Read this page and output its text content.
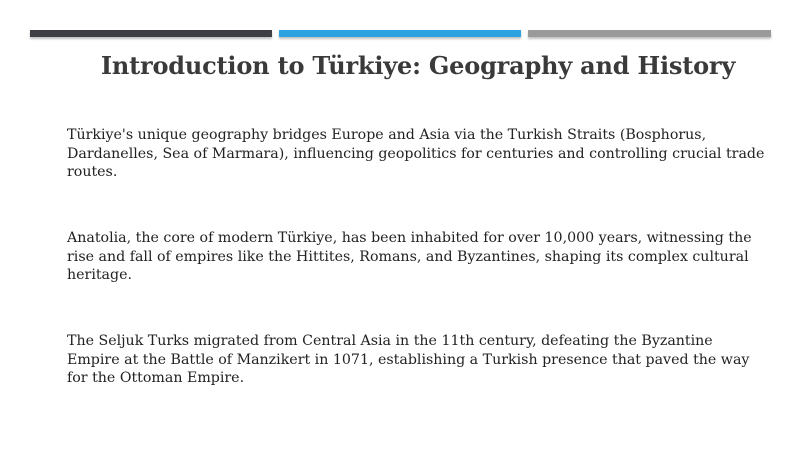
Introduction to Türkiye: Geography and History

Türkiye's unique geography bridges Europe and Asia via the Turkish Straits (Bosphorus, Dardanelles, Sea of Marmara), influencing geopolitics for centuries and controlling crucial trade routes.

Anatolia, the core of modern Türkiye, has been inhabited for over 10,000 years, witnessing the rise and fall of empires like the Hittites, Romans, and Byzantines, shaping its complex cultural heritage.

The Seljuk Turks migrated from Central Asia in the 11th century, defeating the Byzantine Empire at the Battle of Manzikert in 1071, establishing a Turkish presence that paved the way for the Ottoman Empire.
